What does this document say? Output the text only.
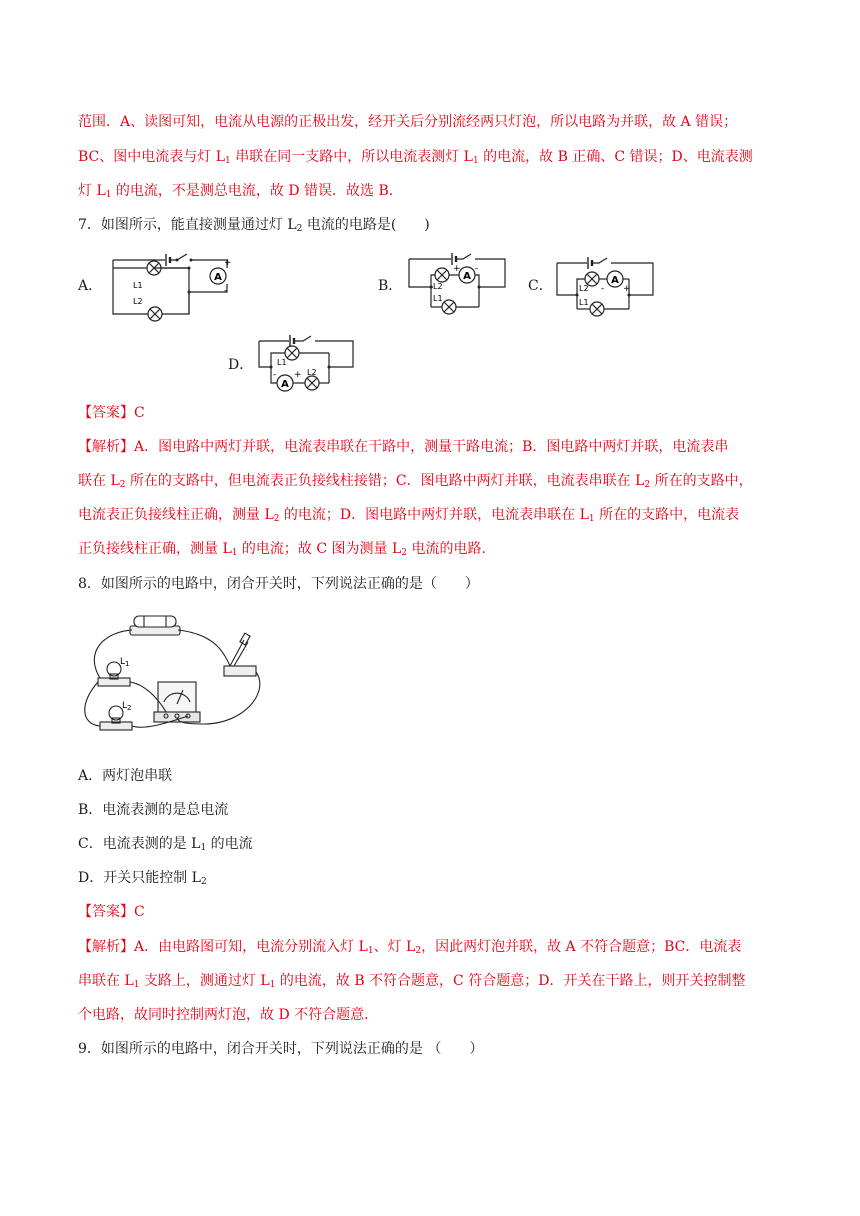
范围．A、读图可知，电流从电源的正极出发，经开关后分别流经两只灯泡，所以电路为并联，故 A 错误；
BC、图中电流表与灯 $L_1$ 串联在同一支路中，所以电流表测灯 $L_1$ 的电流，故 B 正确、C 错误；D、电流表测
灯 $L_1$ 的电流，不是测总电流，故 D 错误．故选 B．
7．如图所示，能直接测量通过灯 $L_2$ 电流的电路是(　　)
A．	B．	C．
D．
A
+
-
L1
L2
A
+ -
L2
L1
A
- +
L2
L1
A
- +
L1
L2
【答案】C
【解析】A．图电路中两灯并联，电流表串联在干路中，测量干路电流；B．图电路中两灯并联，电流表串
联在 $L_2$ 所在的支路中，但电流表正负接线柱接错；C．图电路中两灯并联，电流表串联在 $L_2$ 所在的支路中，
电流表正负接线柱正确，测量 $L_2$ 的电流；D．图电路中两灯并联，电流表串联在 $L_1$ 所在的支路中，电流表
正负接线柱正确，测量 $L_1$ 的电流；故 C 图为测量 $L_2$ 电流的电路.
8．如图所示的电路中，闭合开关时，下列说法正确的是（　　）
$L_1$
$L_2$
A．两灯泡串联
B．电流表测的是总电流
C．电流表测的是 $L_1$ 的电流
D．开关只能控制 $L_2$
【答案】C
【解析】A．由电路图可知，电流分别流入灯 $L_1$、灯 $L_2$，因此两灯泡并联，故 A 不符合题意；BC．电流表
串联在 $L_1$ 支路上，测通过灯 $L_1$ 的电流，故 B 不符合题意，C 符合题意；D．开关在干路上，则开关控制整
个电路，故同时控制两灯泡，故 D 不符合题意．
9．如图所示的电路中，闭合开关时，下列说法正确的是 （　　）
